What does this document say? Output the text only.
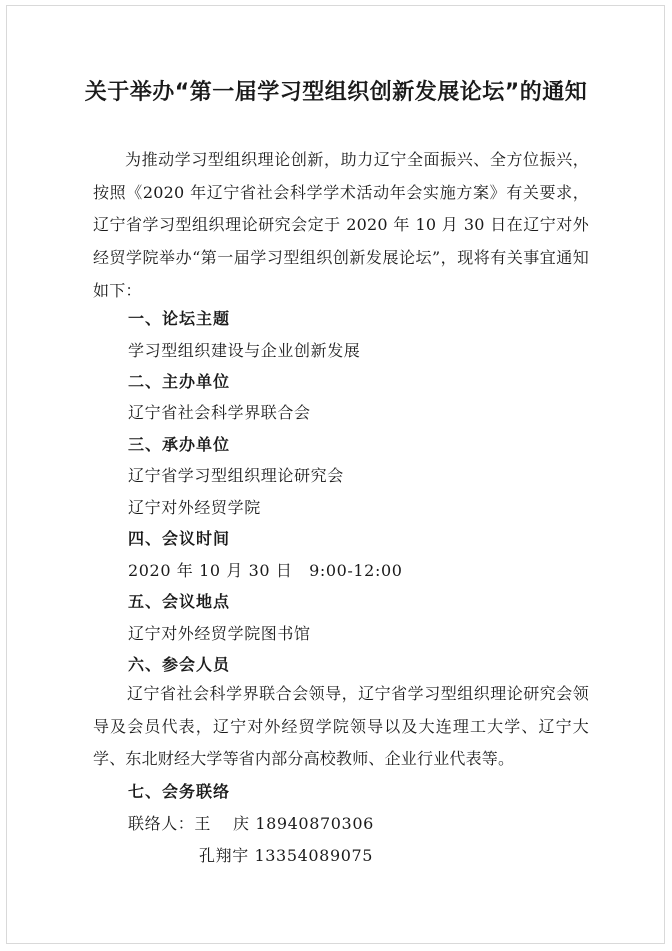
关于举办“第一届学习型组织创新发展论坛”的通知
为推动学习型组织理论创新，助力辽宁全面振兴、全方位振兴，按照《2020 年辽宁省社会科学学术活动年会实施方案》有关要求，辽宁省学习型组织理论研究会定于 2020 年 10 月 30 日在辽宁对外经贸学院举办“第一届学习型组织创新发展论坛”，现将有关事宜通知如下：
一、论坛主题
学习型组织建设与企业创新发展
二、主办单位
辽宁省社会科学界联合会
三、承办单位
辽宁省学习型组织理论研究会
辽宁对外经贸学院
四、会议时间
2020 年 10 月 30 日　9:00-12:00
五、会议地点
辽宁对外经贸学院图书馆
六、参会人员
辽宁省社会科学界联合会领导，辽宁省学习型组织理论研究会领导及会员代表，辽宁对外经贸学院领导以及大连理工大学、辽宁大学、东北财经大学等省内部分高校教师、企业行业代表等。
七、会务联络
联络人：王 庆 18940870306
孔翔宇 13354089075
